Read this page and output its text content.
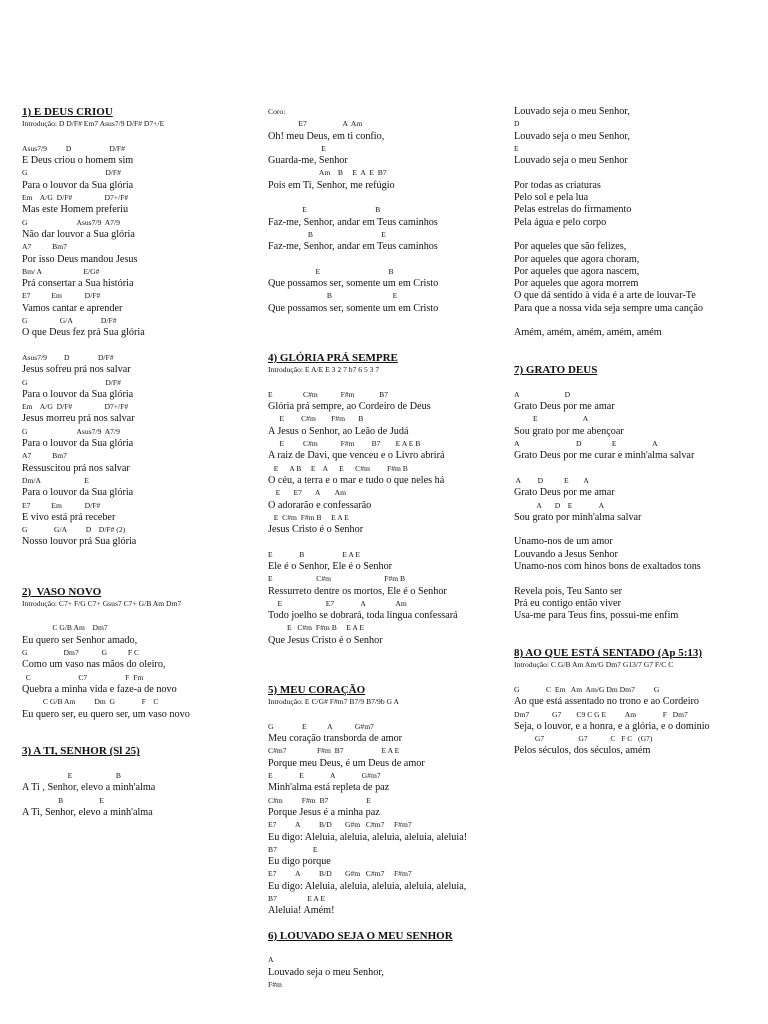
1) E DEUS CRIOU
Introdução: D D/F# Em7 Asus7/9 D/F# D7+/E
Asus7/9          D                    D/F#
E Deus criou o homem sim
G                                         D/F#
Para o louvor da Sua glória
Em    A/G  D/F#                 D7+/F#
Mas este Homem preferiu
G                          Asus7/9  A7/9
Não dar louvor a Sua glória
A7           Bm7
Por isso Deus mandou Jesus
Bm/ A                      E/G#
Prá consertar a Sua história
E7           Em            D/F#
Vamos cantar e aprender
G                 G/A               D/F#
O que Deus fez prá Sua glória
Asus7/9         D               D/F#
Jesus sofreu prá nos salvar
G                                         D/F#
Para o louvor da Sua glória
Em    A/G  D/F#                 D7+/F#
Jesus morreu prá nos salvar
G                          Asus7/9  A7/9
Para o louvor da Sua glória
A7           Bm7
Ressuscitou prá nos salvar
Dm/A                       E
Para o louvor da Sua glória
E7           Em            D/F#
E vivo está prá receber
G              G/A          D    D/F# (2)
Nosso louvor prá Sua glória
2)  VASO NOVO
Introdução: C7+ F/G C7+ Gsus7 C7+ G/B Am Dm7
C G/B Am    Dm7
Eu quero ser Senhor amado,
G                   Dm7            G           F C
Como um vaso nas mãos do oleiro,
C                         C7                    F  Fm
Quebra a minha vida e faze-a de novo
C G/B Am          Dm  G              F    C
Eu quero ser, eu quero ser, um vaso novo
3) A TI, SENHOR (Sl 25)
E                       B
A Ti , Senhor, elevo a minh'alma
B                   E
A Ti, Senhor, elevo a minh'alma
Coro:
E7                   A  Am
Oh! meu Deus, em ti confio,
E
Guarda-me, Senhor
Am    B     E  A  E  B7
Pois em Ti, Senhor, me refúgio
E                                    B
Faz-me, Senhor, andar em Teus caminhos
B                                    E
Faz-me, Senhor, andar em Teus caminhos
E                                    B
Que possamos ser, somente um em Cristo
B                                E
Que possamos ser, somente um em Cristo
4) GLÓRIA PRÁ SEMPRE
Introdução: E A/E E 3 2 7 b7 6 5 3 7
E                C#m            F#m             B7
Glória prá sempre, ao Cordeiro de Deus
E         C#m        F#m       B
A Jesus o Senhor, ao Leão de Judá
E          C#m            F#m         B7        E A E B
A raiz de Davi, que venceu e o Livro abrirá
E      A B     E    A      E      C#m         F#m B
O céu, a terra e o mar e tudo o que neles há
E       E7       A        Am
O adorarão e confessarão
E  C#m  F#m B     E A E
Jesus Cristo é o Senhor
E              B                    E A E
Ele é o Senhor, Ele é o Senhor
E                       C#m                            F#m B
Ressurreto dentre os mortos, Ele é o Senhor
E                       E7              A                Am
Todo joelho se dobrará, toda língua confessará
E   C#m  F#m B     E A E
Que Jesus Cristo é o Senhor
5) MEU CORAÇÃO
Introdução: E C/G# F#m7 B7/9 B7/9b G A
G               E           A            G#m7
Meu coração transborda de amor
C#m7                F#m  B7                    E A E
Porque meu Deus, é um Deus de amor
E              E              A              G#m7
Minh'alma está repleta de paz
C#m          F#m  B7                    E
Porque Jesus é a minha paz
E7          A          B/D       G#m   C#m7     F#m7
Eu digo: Aleluia, aleluia, aleluia, aleluia, aleluia!
B7                   E
Eu digo porque
E7          A          B/D       G#m   C#m7     F#m7
Eu digo: Aleluia, aleluia, aleluia, aleluia, aleluia,
B7                E A E
Aleluia! Amém!
6) LOUVADO SEJA O MEU SENHOR
A
Louvado seja o meu Senhor,
F#m
Louvado seja o meu Senhor,
D
Louvado seja o meu Senhor,
E
Louvado seja o meu Senhor
Por todas as criaturas
Pelo sol e pela lua
Pelas estrelas do firmamento
Pela água e pelo corpo
Por aqueles que são felizes,
Por aqueles que agora choram,
Por aqueles que agora nascem,
Por aqueles que agora morrem
O que dá sentido à vida é a arte de louvar-Te
Para que a nossa vida seja sempre uma canção
Amém, amém, amém, amém, amém
7) GRATO DEUS
A                        D
Grato Deus por me amar
E                        A
Sou grato por me abençoar
A                              D                E                   A
Grato Deus por me curar e minh'alma salvar
A         D           E        A
Grato Deus por me amar
A       D    E              A
Sou grato por minh'alma salvar
Unamo-nos de um amor
Louvando a Jesus Senhor
Unamo-nos com hinos bons de exaltados tons
Revela pois, Teu Santo ser
Prá eu contigo então viver
Usa-me para Teus fins, possui-me enfim
8) AO QUE ESTÁ SENTADO (Ap 5:13)
Introdução: C G/B Am Am/G Dm7 G13/7 G7 F/C C
G              C  Em   Am  Am/G Dm Dm7          G
Ao que está assentado no trono e ao Cordeiro
Dm7            G7        C9 C G E          Am              F   Dm7
Seja, o louvor, e a honra, e a glória, e o domínio
G7                  G7            C   F C   (G7)
Pelos séculos, dos séculos, amém
